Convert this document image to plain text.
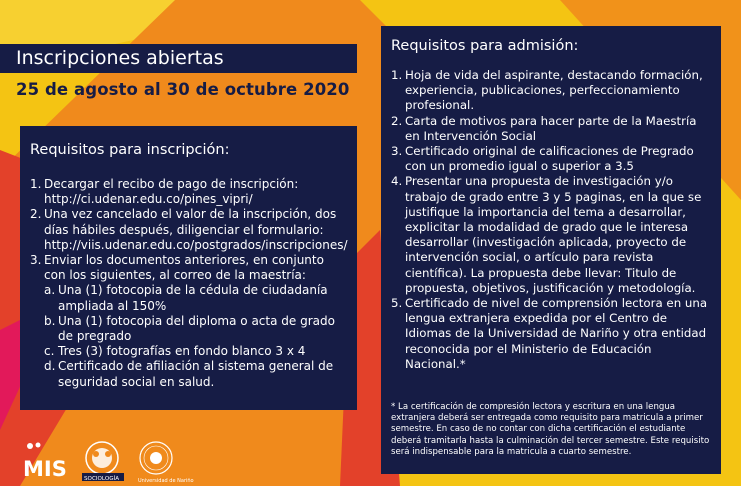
Inscripciones abiertas
25 de agosto al 30 de octubre 2020
Requisitos para inscripción:
1. Decargar el recibo de pago de inscripción: http://ci.udenar.edu.co/pines_vipri/
2. Una vez cancelado el valor de la inscripción, dos días hábiles después, diligenciar el formulario: http://viis.udenar.edu.co/postgrados/inscripciones/
3. Enviar los documentos anteriores, en conjunto con los siguientes, al correo de la maestría:
a. Una (1) fotocopia de la cédula de ciudadanía ampliada al 150%
b. Una (1) fotocopia del diploma o acta de grado de pregrado
c. Tres (3) fotografías en fondo blanco 3 x 4
d. Certificado de afiliación al sistema general de seguridad social en salud.
Requisitos para admisión:
1. Hoja de vida del aspirante, destacando formación, experiencia, publicaciones, perfeccionamiento profesional.
2. Carta de motivos para hacer parte de la Maestría en Intervención Social
3. Certificado original de calificaciones de Pregrado con un promedio igual o superior a 3.5
4. Presentar una propuesta de investigación y/o trabajo de grado entre 3 y 5 paginas, en la que se justifique la importancia del tema a desarrollar, explicitar la modalidad de grado que le interesa desarrollar (investigación aplicada, proyecto de intervención social, o artículo para revista científica). La propuesta debe llevar: Titulo de propuesta, objetivos, justificación y metodología.
5. Certificado de nivel de comprensión lectora en una lengua extranjera expedida por el Centro de Idiomas de la Universidad de Nariño y otra entidad reconocida por el Ministerio de Educación Nacional.*
* La certificación de compresión lectora y escritura en una lengua extranjera deberá ser entregada como requisito para matricula a primer semestre. En caso de no contar con dicha certificación el estudiante deberá tramitarla hasta la culminación del tercer semestre. Este requisito será indispensable para la matricula a cuarto semestre.
MIS	SOCIOLOGÍA	Universidad de Nariño
